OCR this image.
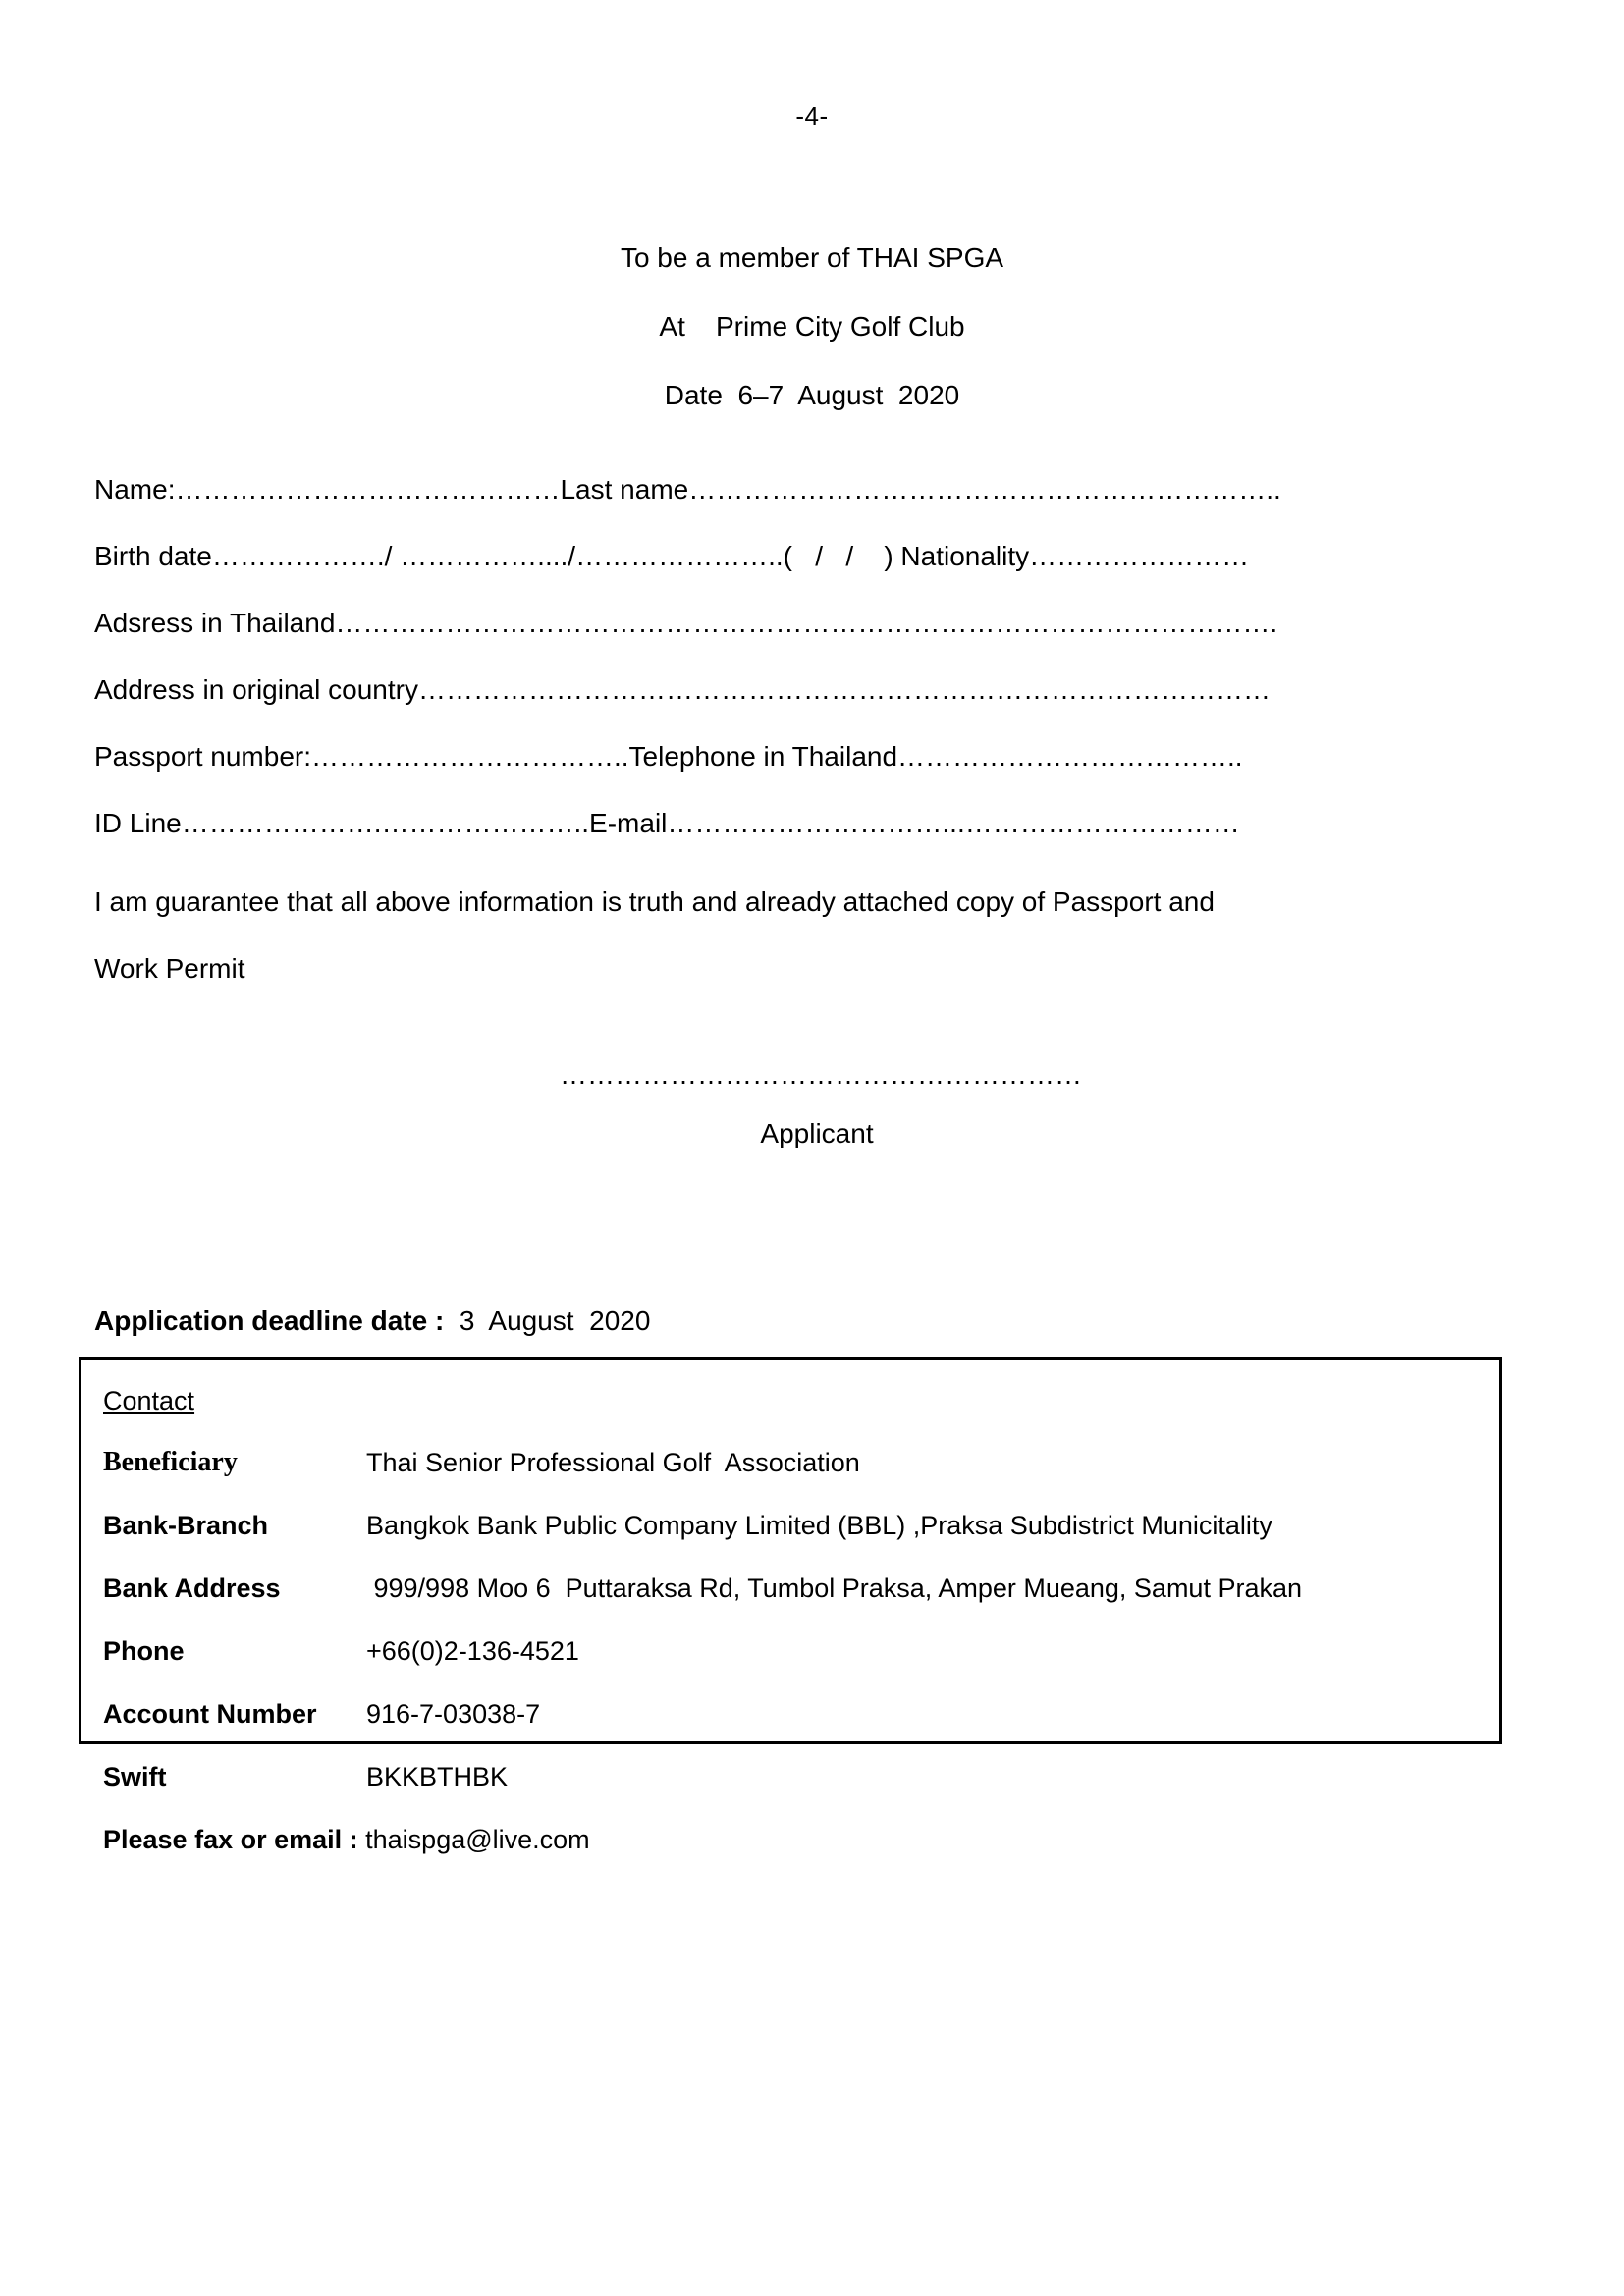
-4-
To be a member of THAI SPGA
At    Prime City Golf Club
Date  6–7  August  2020
Name:……………………………………Last name………………………………………………………..
Birth date………………./ ……………..../…………………..(   /   /    ) Nationality……………………
Adsress in Thailand………………………………………………………………………………………….
Address in original country…………………………………………………………………………………
Passport number:……………………………..Telephone in Thailand………………………………..
ID Line………………….…………………..E-mail…………………………...…………………………
I am guarantee that all above information is truth and already attached copy of Passport and
Work Permit
…………………………………………………
Applicant
Application deadline date :  3  August  2020
Contact
Beneficiary	Thai Senior Professional Golf  Association
Bank-Branch	Bangkok Bank Public Company Limited (BBL) ,Praksa Subdistrict Municitality
Bank Address	999/998 Moo 6  Puttaraksa Rd, Tumbol Praksa, Amper Mueang, Samut Prakan
Phone	+66(0)2-136-4521
Account Number	916-7-03038-7
Swift	BKKBTHBK
Please fax or email : thaispga@live.com
